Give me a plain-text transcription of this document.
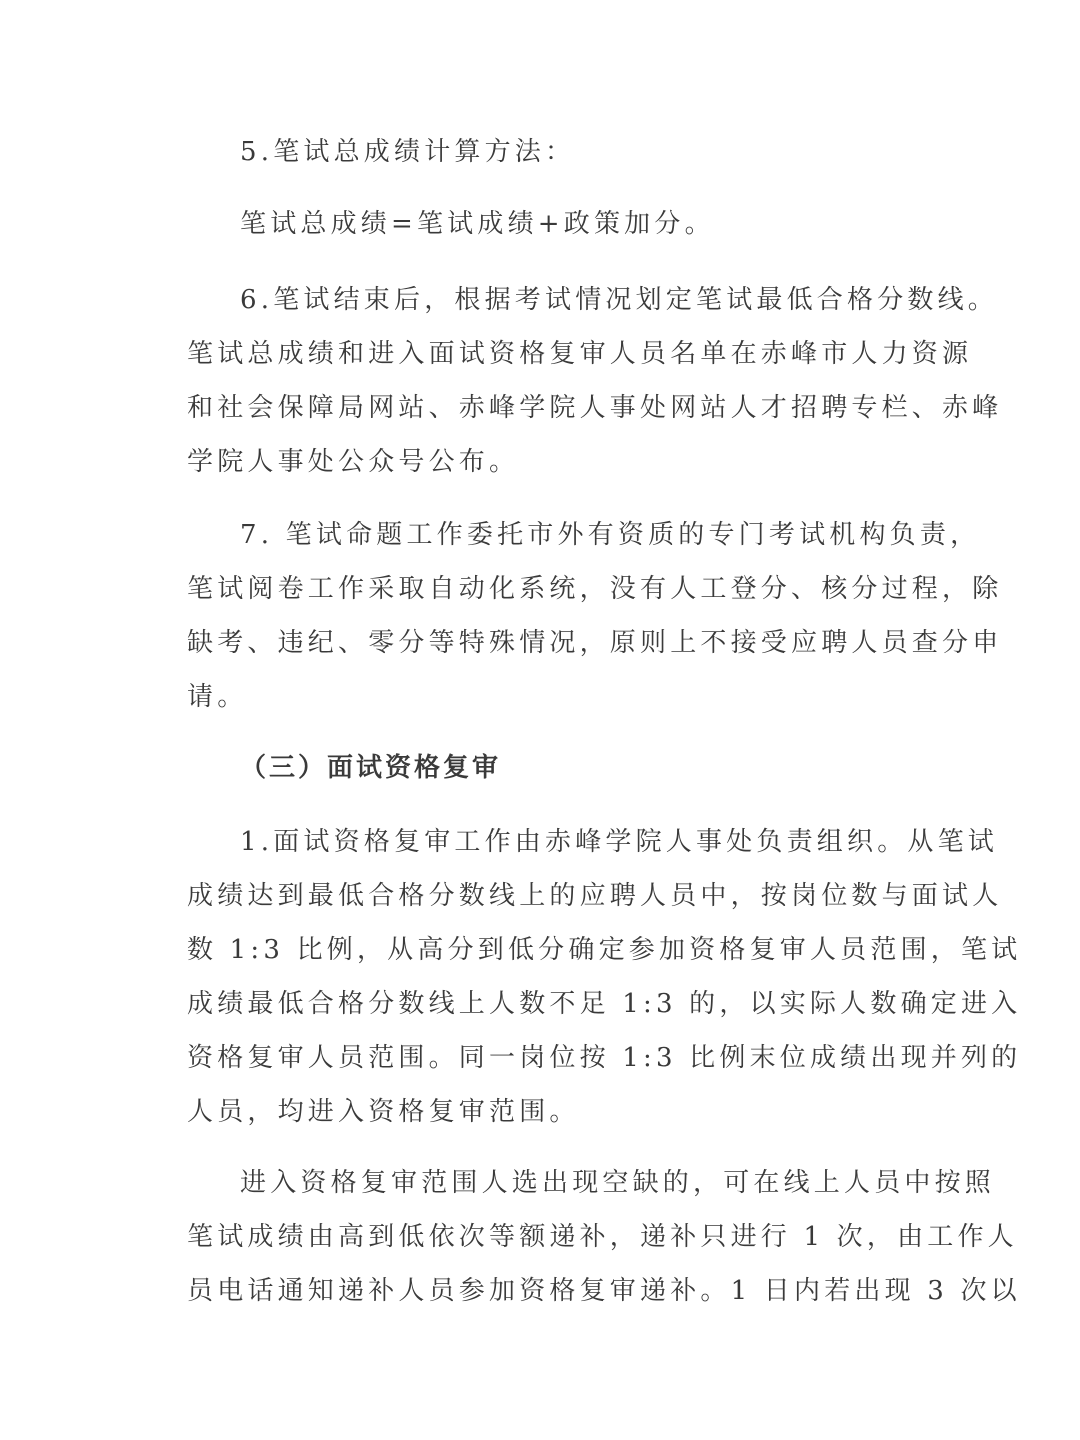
5.笔试总成绩计算方法：
笔试总成绩=笔试成绩+政策加分。
6.笔试结束后，根据考试情况划定笔试最低合格分数线。
笔试总成绩和进入面试资格复审人员名单在赤峰市人力资源
和社会保障局网站、赤峰学院人事处网站人才招聘专栏、赤峰
学院人事处公众号公布。
7. 笔试命题工作委托市外有资质的专门考试机构负责，
笔试阅卷工作采取自动化系统，没有人工登分、核分过程，除
缺考、违纪、零分等特殊情况，原则上不接受应聘人员查分申
请。
（三）面试资格复审
1.面试资格复审工作由赤峰学院人事处负责组织。从笔试
成绩达到最低合格分数线上的应聘人员中，按岗位数与面试人
数 1:3 比例，从高分到低分确定参加资格复审人员范围，笔试
成绩最低合格分数线上人数不足 1:3 的，以实际人数确定进入
资格复审人员范围。同一岗位按 1:3 比例末位成绩出现并列的
人员，均进入资格复审范围。
进入资格复审范围人选出现空缺的，可在线上人员中按照
笔试成绩由高到低依次等额递补，递补只进行 1 次，由工作人
员电话通知递补人员参加资格复审递补。1 日内若出现 3 次以
